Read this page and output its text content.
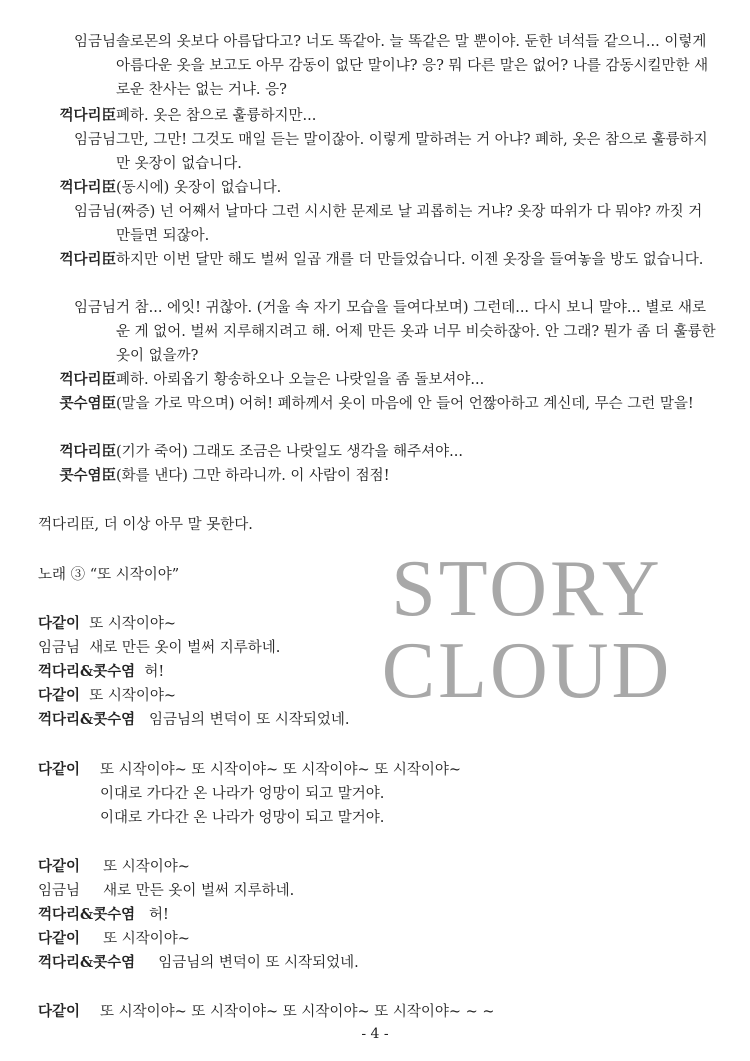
임금님 솔로몬의 옷보다 아름답다고? 너도 똑같아. 늘 똑같은 말 뿐이야. 둔한 녀석들 같으니... 이렇게 아름다운 옷을 보고도 아무 감동이 없단 말이냐? 응? 뭐 다른 말은 없어? 나를 감동시킬만한 새로운 찬사는 없는 거냐. 응?
꺽다리臣 폐하. 옷은 참으로 훌륭하지만...
임금님 그만, 그만! 그것도 매일 듣는 말이잖아. 이렇게 말하려는 거 아냐? 폐하, 옷은 참으로 훌륭하지만 옷장이 없습니다.
꺽다리臣 (동시에) 옷장이 없습니다.
임금님 (짜증) 넌 어째서 날마다 그런 시시한 문제로 날 괴롭히는 거냐? 옷장 따위가 다 뭐야? 까짓 거 만들면 되잖아.
꺽다리臣 하지만 이번 달만 해도 벌써 일곱 개를 더 만들었습니다. 이젠 옷장을 들여놓을 방도 없습니다.
임금님 거 참... 에잇! 귀찮아. (거울 속 자기 모습을 들여다보며) 그런데... 다시 보니 말야... 별로 새로운 게 없어. 벌써 지루해지려고 해. 어제 만든 옷과 너무 비슷하잖아. 안 그래? 뭔가 좀 더 훌륭한 옷이 없을까?
꺽다리臣 폐하. 아뢰옵기 황송하오나 오늘은 나랏일을 좀 돌보셔야...
콧수염臣 (말을 가로 막으며) 어허! 폐하께서 옷이 마음에 안 들어 언짢아하고 계신데, 무슨 그런 말을!
꺽다리臣 (기가 죽어) 그래도 조금은 나랏일도 생각을 해주셔야...
콧수염臣 (화를 낸다) 그만 하라니까. 이 사람이 점점!
꺽다리臣, 더 이상 아무 말 못한다.
노래 ③ “또 시작이야”
다같이 또 시작이야~
임금님 새로 만든 옷이 벌써 지루하네.
꺽다리&콧수염 허!
다같이 또 시작이야~
꺽다리&콧수염 임금님의 변덕이 또 시작되었네.
다같이 또 시작이야~ 또 시작이야~ 또 시작이야~ 또 시작이야~
이대로 가다간 온 나라가 엉망이 되고 말거야.
이대로 가다간 온 나라가 엉망이 되고 말거야.
다같이 또 시작이야~
임금님 새로 만든 옷이 벌써 지루하네.
꺽다리&콧수염 허!
다같이 또 시작이야~
꺽다리&콧수염 임금님의 변덕이 또 시작되었네.
다같이 또 시작이야~ 또 시작이야~ 또 시작이야~ 또 시작이야~ ~ ~
STORY
CLOUD
- 4 -
